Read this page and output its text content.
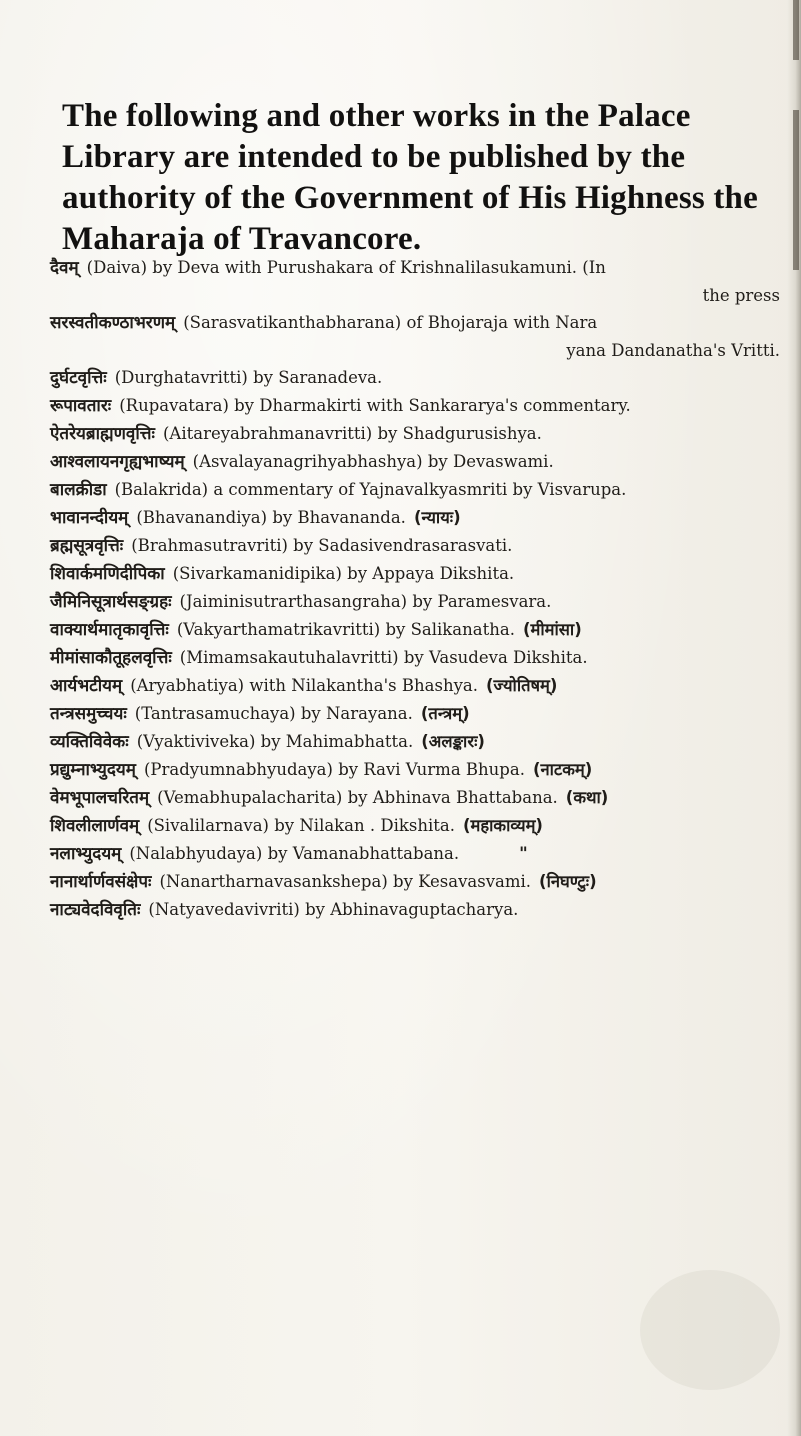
The following and other works in the Palace Library are intended to be published by the authority of the Government of His Highness the Maharaja of Travancore.
दैवम् (Daiva) by Deva with Purushakara of Krishnalilasukamuni. (In
the press
सरस्वतीकण्ठाभरणम् (Sarasvatikanthabharana) of Bhojaraja with Nara
yana Dandanatha's Vritti.
दुर्घटवृत्तिः (Durghatavritti) by Saranadeva.
रूपावतारः (Rupavatara) by Dharmakirti with Sankararya's commentary.
ऐतरेयब्राह्मणवृत्तिः (Aitareyabrahmanavritti) by Shadgurusishya.
आश्वलायनगृह्यभाष्यम् (Asvalayanagrihyabhashya) by Devaswami.
बालक्रीडा (Balakrida) a commentary of Yajnavalkyasmriti by Visvarupa.
भावानन्दीयम् (Bhavanandiya) by Bhavananda. (न्यायः)
ब्रह्मसूत्रवृत्तिः (Brahmasutravriti) by Sadasivendrasarasvati.
शिवार्कमणिदीपिका (Sivarkamanidipika) by Appaya Dikshita.
जैमिनिसूत्रार्थसङ्ग्रहः (Jaiminisutrarthasangraha) by Paramesvara.
वाक्यार्थमातृकावृत्तिः (Vakyarthamatrikavritti) by Salikanatha. (मीमांसा)
मीमांसाकौतूहलवृत्तिः (Mimamsakautuhalavritti) by Vasudeva Dikshita.
आर्यभटीयम् (Aryabhatiya) with Nilakantha's Bhashya. (ज्योतिषम्)
तन्त्रसमुच्चयः (Tantrasamuchaya) by Narayana. (तन्त्रम्)
व्यक्तिविवेकः (Vyaktiviveka) by Mahimabhatta. (अलङ्कारः)
प्रद्युम्नाभ्युदयम् (Pradyumnabhyudaya) by Ravi Vurma Bhupa. (नाटकम्)
वेमभूपालचरितम् (Vemabhupalacharita) by Abhinava Bhattabana. (कथा)
शिवलीलार्णवम् (Sivalilarnava) by Nilakan . Dikshita. (महाकाव्यम्)
नलाभ्युदयम् (Nalabhyudaya) by Vamanabhattabana.	"
नानार्थार्णवसंक्षेपः (Nanartharnavasankshepa) by Kesavasvami. (निघण्टुः)
नाट्यवेदविवृतिः (Natyavedavivriti) by Abhinavaguptacharya.
